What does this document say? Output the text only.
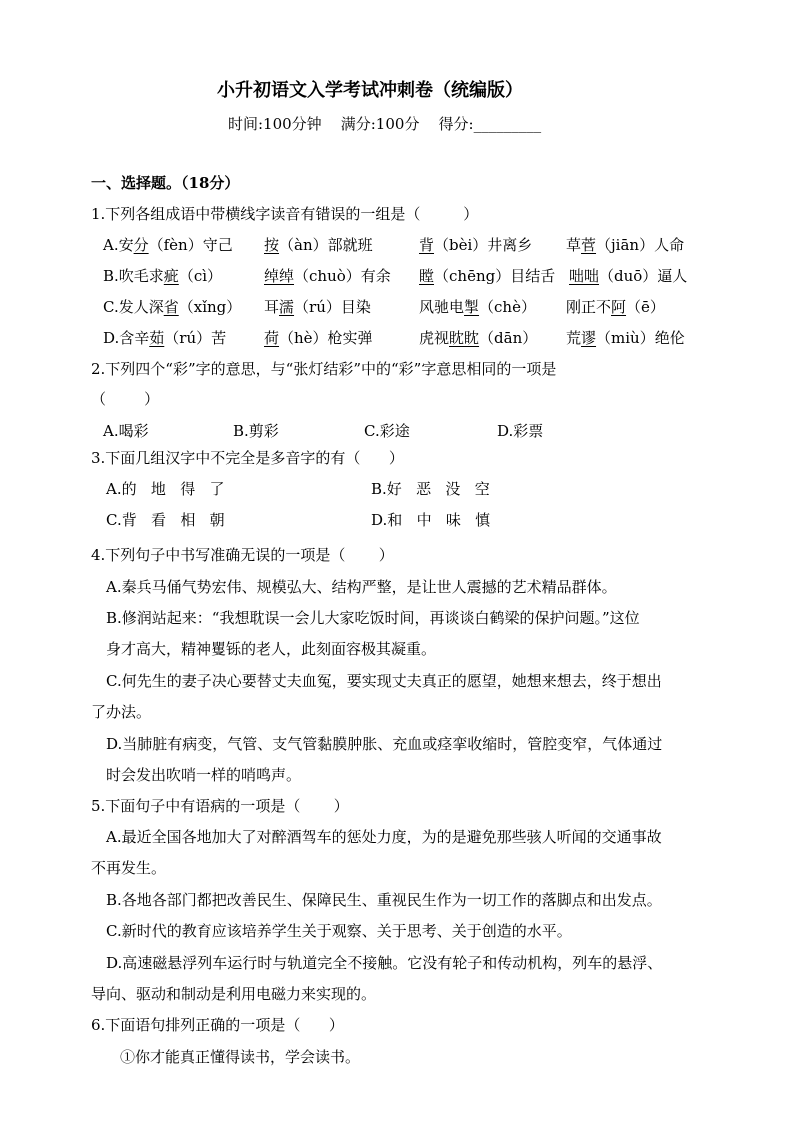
小升初语文入学考试冲刺卷（统编版）
时间:100分钟    满分:100分    得分:_________
一、选择题。（18分）
1.下列各组成语中带横线字读音有错误的一组是（         ）
A.安分（fèn）守己 按（àn）部就班	背（bèi）井离乡 草菅（jiān）人命
B.吹毛求疵（cì）	绰绰（chuò）有余 瞠（chēng）目结舌 咄咄（duō）逼人
C.发人深省（xǐng） 耳濡（rú）目染	风驰电掣（chè） 刚正不阿（ē）
D.含辛茹（rú）苦	荷（hè）枪实弹	虎视眈眈（dān） 荒谬（miù）绝伦
2.下列四个“彩”字的意思，与“张灯结彩”中的“彩”字意思相同的一项是
（        ）
A.喝彩	B.剪彩	C.彩途	D.彩票
3.下面几组汉字中不完全是多音字的有（      ）
A.的   地   得   了	B.好   恶   没   空
C.背   看   相   朝	D.和   中   味   慎
4.下列句子中书写准确无误的一项是（       ）
A.秦兵马俑气势宏伟、规模弘大、结构严整，是让世人震撼的艺术精品群体。
B.修润站起来：“我想耽误一会儿大家吃饭时间，再谈谈白鹤梁的保护问题。”这位
身才高大，精神矍铄的老人，此刻面容极其凝重。
C.何先生的妻子决心要替丈夫血冤，要实现丈夫真正的愿望，她想来想去，终于想出
了办法。
D.当肺脏有病变，气管、支气管黏膜肿胀、充血或痉挛收缩时，管腔变窄，气体通过
时会发出吹哨一样的哨鸣声。
5.下面句子中有语病的一项是（       ）
A.最近全国各地加大了对醉酒驾车的惩处力度，为的是避免那些骇人听闻的交通事故
不再发生。
B.各地各部门都把改善民生、保障民生、重视民生作为一切工作的落脚点和出发点。
C.新时代的教育应该培养学生关于观察、关于思考、关于创造的水平。
D.高速磁悬浮列车运行时与轨道完全不接触。它没有轮子和传动机构，列车的悬浮、
导向、驱动和制动是利用电磁力来实现的。
6.下面语句排列正确的一项是（      ）
①你才能真正懂得读书，学会读书。
